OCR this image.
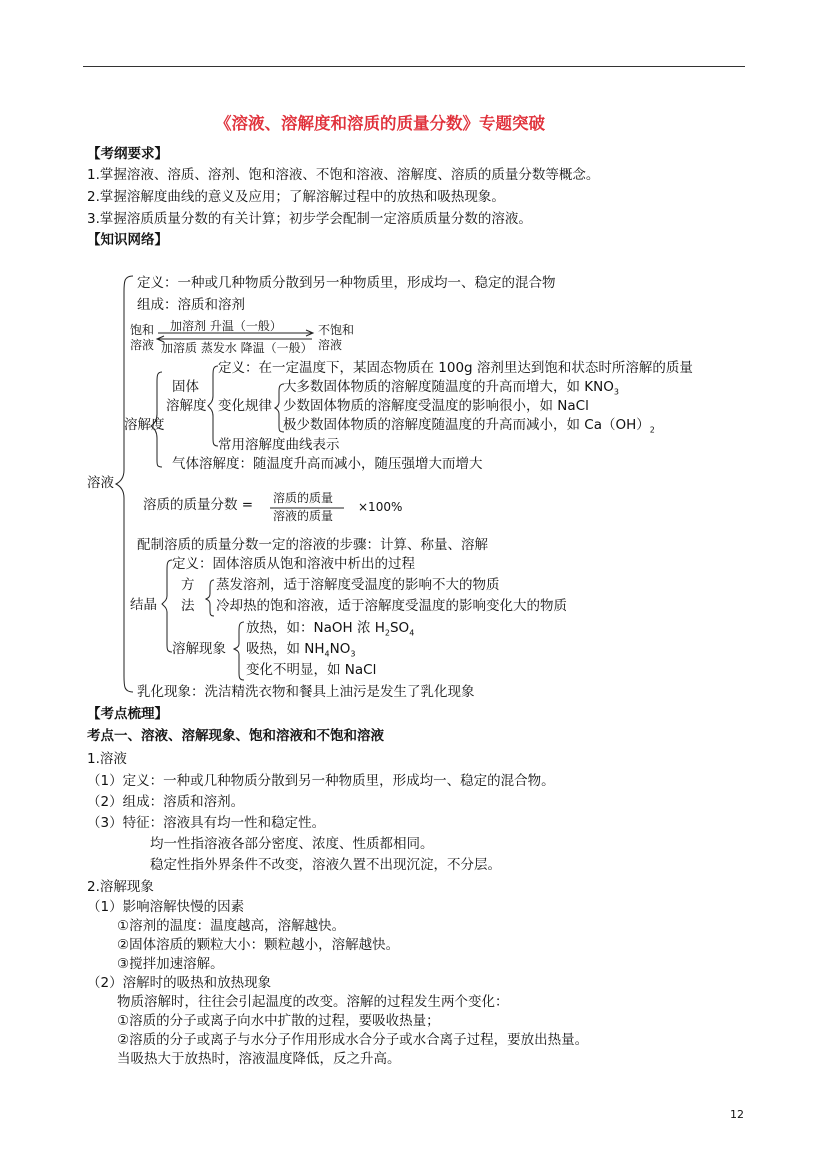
《溶液、溶解度和溶质的质量分数》专题突破
【考纲要求】
1.掌握溶液、溶质、溶剂、饱和溶液、不饱和溶液、溶解度、溶质的质量分数等概念。
2.掌握溶解度曲线的意义及应用；了解溶解过程中的放热和吸热现象。
3.掌握溶质质量分数的有关计算；初步学会配制一定溶质质量分数的溶液。
【知识网络】
溶液
定义：一种或几种物质分散到另一种物质里，形成均一、稳定的混合物
组成：溶质和溶剂
饱和
溶液
加溶剂 升温（一般）
加溶质 蒸发水 降温（一般）
不饱和
溶液
溶解度
固体
溶解度
定义：在一定温度下，某固态物质在 100g 溶剂里达到饱和状态时所溶解的质量
变化规律
大多数固体物质的溶解度随温度的升高而增大，如 $KNO_3$
少数固体物质的溶解度受温度的影响很小，如 NaCl
极少数固体物质的溶解度随温度的升高而减小，如 $Ca(OH)_2$
常用溶解度曲线表示
气体溶解度：随温度升高而减小，随压强增大而增大
溶质的质量分数 = 溶质的质量
溶液的质量
×100%
配制溶质的质量分数一定的溶液的步骤：计算、称量、溶解
结晶
定义：固体溶质从饱和溶液中析出的过程
方
法
蒸发溶剂，适于溶解度受温度的影响不大的物质
冷却热的饱和溶液，适于溶解度受温度的影响变化大的物质
溶解现象
放热，如：NaOH 浓 $H_2SO_4$
吸热，如 $NH_4NO_3$
变化不明显，如 NaCl
乳化现象：洗洁精洗衣物和餐具上油污是发生了乳化现象
【考点梳理】
考点一、溶液、溶解现象、饱和溶液和不饱和溶液
1.溶液
（1）定义：一种或几种物质分散到另一种物质里，形成均一、稳定的混合物。
（2）组成：溶质和溶剂。
（3）特征：溶液具有均一性和稳定性。
均一性指溶液各部分密度、浓度、性质都相同。
稳定性指外界条件不改变，溶液久置不出现沉淀，不分层。
2.溶解现象
（1）影响溶解快慢的因素
①溶剂的温度：温度越高，溶解越快。
②固体溶质的颗粒大小：颗粒越小，溶解越快。
③搅拌加速溶解。
（2）溶解时的吸热和放热现象
物质溶解时，往往会引起温度的改变。溶解的过程发生两个变化：
①溶质的分子或离子向水中扩散的过程，要吸收热量；
②溶质的分子或离子与水分子作用形成水合分子或水合离子过程，要放出热量。
当吸热大于放热时，溶液温度降低，反之升高。
12
